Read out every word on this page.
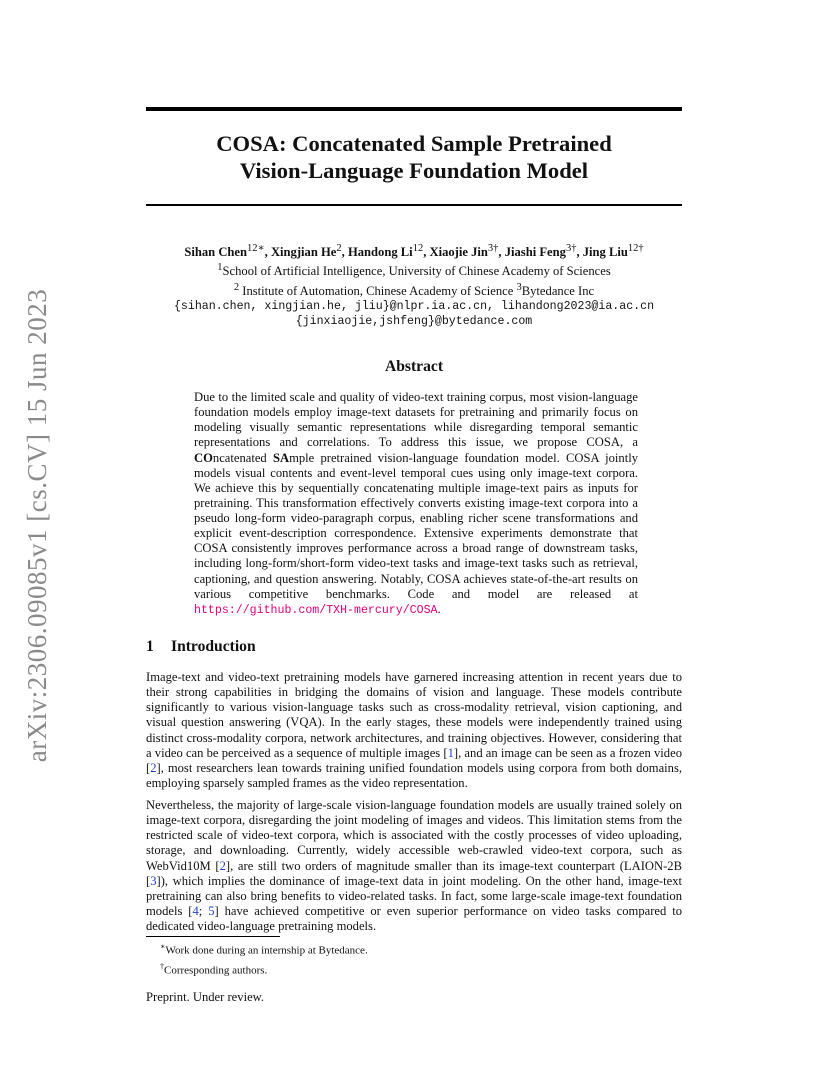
arXiv:2306.09085v1 [cs.CV] 15 Jun 2023
COSA: Concatenated Sample Pretrained
Vision-Language Foundation Model
Sihan Chen$^{12∗}$, Xingjian He$^2$, Handong Li$^{12}$, Xiaojie Jin$^{3\dagger}$, Jiashi Feng$^{3\dagger}$, Jing Liu$^{12\dagger}$
$^1$School of Artificial Intelligence, University of Chinese Academy of Sciences
$^2$ Institute of Automation, Chinese Academy of Science $^3$Bytedance Inc
{sihan.chen, xingjian.he, jliu}@nlpr.ia.ac.cn, lihandong2023@ia.ac.cn
{jinxiaojie,jshfeng}@bytedance.com
Abstract
Due to the limited scale and quality of video-text training corpus, most vision-language foundation models employ image-text datasets for pretraining and primarily focus on modeling visually semantic representations while disregarding temporal semantic representations and correlations. To address this issue, we propose COSA, a COncatenated SAmple pretrained vision-language foundation model. COSA jointly models visual contents and event-level temporal cues using only image-text corpora. We achieve this by sequentially concatenating multiple image-text pairs as inputs for pretraining. This transformation effectively converts existing image-text corpora into a pseudo long-form video-paragraph corpus, enabling richer scene transformations and explicit event-description correspondence. Extensive experiments demonstrate that COSA consistently improves performance across a broad range of downstream tasks, including long-form/short-form video-text tasks and image-text tasks such as retrieval, captioning, and question answering. Notably, COSA achieves state-of-the-art results on various competitive benchmarks. Code and model are released at https://github.com/TXH-mercury/COSA.
1 Introduction

Image-text and video-text pretraining models have garnered increasing attention in recent years due to their strong capabilities in bridging the domains of vision and language. These models contribute significantly to various vision-language tasks such as cross-modality retrieval, vision captioning, and visual question answering (VQA). In the early stages, these models were independently trained using distinct cross-modality corpora, network architectures, and training objectives. However, considering that a video can be perceived as a sequence of multiple images [1], and an image can be seen as a frozen video [2], most researchers lean towards training unified foundation models using corpora from both domains, employing sparsely sampled frames as the video representation.

Nevertheless, the majority of large-scale vision-language foundation models are usually trained solely on image-text corpora, disregarding the joint modeling of images and videos. This limitation stems from the restricted scale of video-text corpora, which is associated with the costly processes of video uploading, storage, and downloading. Currently, widely accessible web-crawled video-text corpora, such as WebVid10M [2], are still two orders of magnitude smaller than its image-text counterpart (LAION-2B [3]), which implies the dominance of image-text data in joint modeling. On the other hand, image-text pretraining can also bring benefits to video-related tasks. In fact, some large-scale image-text foundation models [4; 5] have achieved competitive or even superior performance on video tasks compared to dedicated video-language pretraining models.

∗Work done during an internship at Bytedance.
†Corresponding authors.
Preprint. Under review.
